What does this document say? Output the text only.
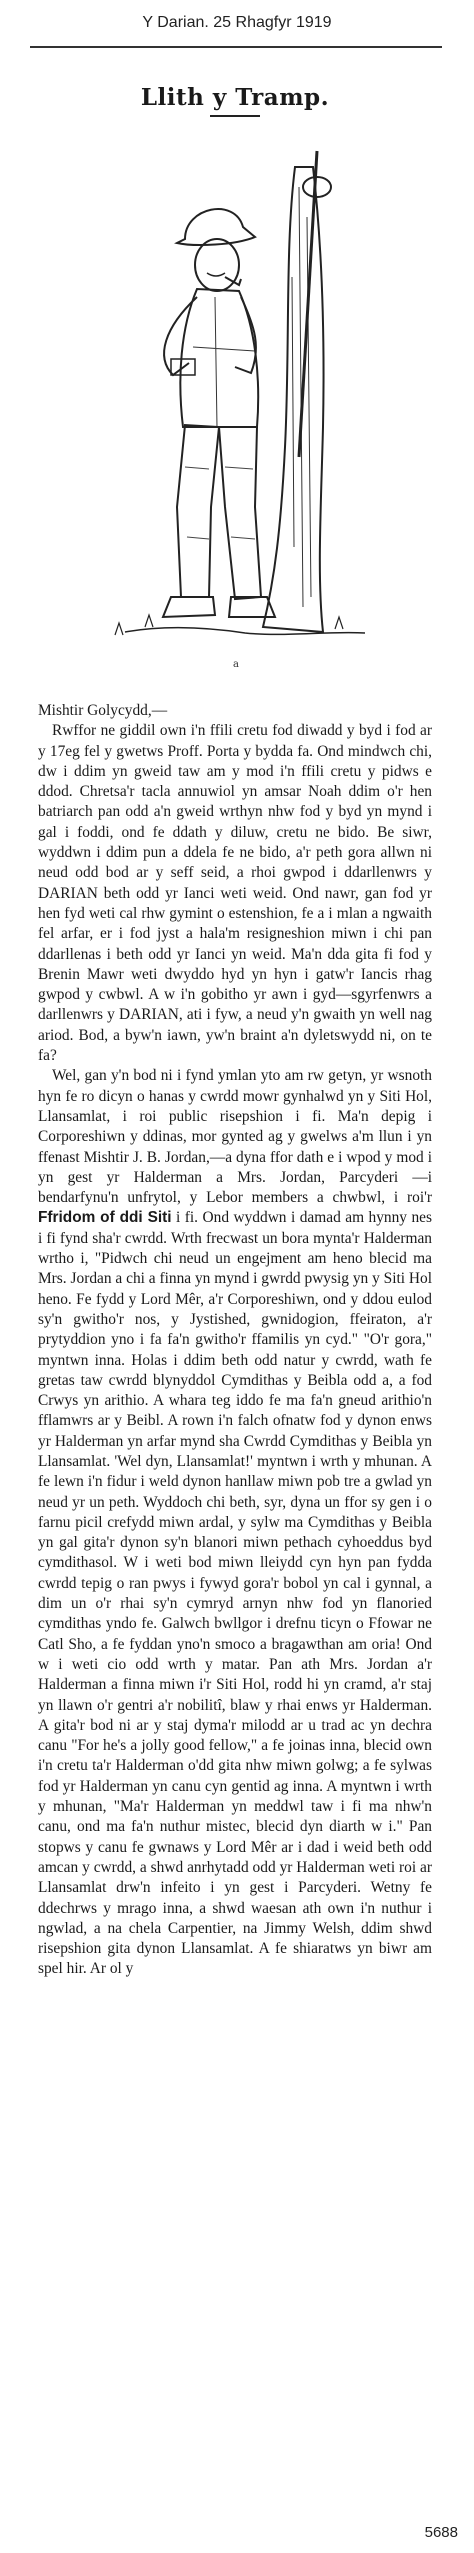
Y Darian. 25 Rhagfyr 1919
Llith y Tramp.
a

Mishtir Golycydd,—

Rwffor ne giddil own i'n ffili cretu fod diwadd y byd i fod ar y 17eg fel y gwetws Proff. Porta y bydda fa. Ond mindwch chi, dw i ddim yn gweid taw am y mod i'n ffili cretu y pidws e ddod. Chretsa'r tacla annuwiol yn amsar Noah ddim o'r hen batriarch pan odd a'n gweid wrthyn nhw fod y byd yn mynd i gal i foddi, ond fe ddath y diluw, cretu ne bido. Be siwr, wyddwn i ddim pun a ddela fe ne bido, a'r peth gora allwn ni neud odd bod ar y seff seid, a rhoi gwpod i ddarllenwrs y DARIAN beth odd yr Ianci weti weid. Ond nawr, gan fod yr hen fyd weti cal rhw gymint o estenshion, fe a i mlan a ngwaith fel arfar, er i fod jyst a hala'm resigneshion miwn i chi pan ddarllenas i beth odd yr Ianci yn weid. Ma'n dda gita fi fod y Brenin Mawr weti dwyddo hyd yn hyn i gatw'r Iancis rhag gwpod y cwbwl. A w i'n gobitho yr awn i gyd—sgyrfenwrs a darllenwrs y DARIAN, ati i fyw, a neud y'n gwaith yn well nag ariod. Bod, a byw'n iawn, yw'n braint a'n dyletswydd ni, on te fa?

Wel, gan y'n bod ni i fynd ymlan yto am rw getyn, yr wsnoth hyn fe ro dicyn o hanas y cwrdd mowr gynhalwd yn y Siti Hol, Llansamlat, i roi public risepshion i fi. Ma'n depig i Corporeshiwn y ddinas, mor gynted ag y gwelws a'm llun i yn ffenast Mishtir J. B. Jordan,—a dyna ffor dath e i wpod y mod i yn gest yr Halderman a Mrs. Jordan, Parcyderi —i bendarfynu'n unfrytol, y Lebor members a chwbwl, i roi'r Ffridom of ddi Siti i fi. Ond wyddwn i damad am hynny nes i fi fynd sha'r cwrdd. Wrth frecwast un bora mynta'r Halderman wrtho i, "Pidwch chi neud un engejment am heno blecid ma Mrs. Jordan a chi a finna yn mynd i gwrdd pwysig yn y Siti Hol heno. Fe fydd y Lord Mêr, a'r Corporeshiwn, ond y ddou eulod sy'n gwitho'r nos, y Jystished, gwnidogion, ffeiraton, a'r prytyddion yno i fa fa'n gwitho'r ffamilis yn cyd." "O'r gora," myntwn inna. Holas i ddim beth odd natur y cwrdd, wath fe gretas taw cwrdd blynyddol Cymdithas y Beibla odd a, a fod Crwys yn arithio. A whara teg iddo fe ma fa'n gneud arithio'n fflamwrs ar y Beibl. A rown i'n falch ofnatw fod y dynon enws yr Halderman yn arfar mynd sha Cwrdd Cymdithas y Beibla yn Llansamlat. 'Wel dyn, Llansamlat!' myntwn i wrth y mhunan. A fe lewn i'n fidur i weld dynon hanllaw miwn pob tre a gwlad yn neud yr un peth. Wyddoch chi beth, syr, dyna un ffor sy gen i o farnu picil crefydd miwn ardal, y sylw ma Cymdithas y Beibla yn gal gita'r dynon sy'n blanori miwn pethach cyhoeddus byd cymdithasol. W i weti bod miwn lleiydd cyn hyn pan fydda cwrdd tepig o ran pwys i fywyd gora'r bobol yn cal i gynnal, a dim un o'r rhai sy'n cymryd arnyn nhw fod yn flanoried cymdithas yndo fe. Galwch bwllgor i drefnu ticyn o Ffowar ne Catl Sho, a fe fyddan yno'n smoco a bragawthan am oria! Ond w i weti cio odd wrth y matar. Pan ath Mrs. Jordan a'r Halderman a finna miwn i'r Siti Hol, rodd hi yn cramd, a'r staj yn llawn o'r gentri a'r nobilitî, blaw y rhai enws yr Halderman. A gita'r bod ni ar y staj dyma'r milodd ar u trad ac yn dechra canu "For he's a jolly good fellow," a fe joinas inna, blecid own i'n cretu ta'r Halderman o'dd gita nhw miwn golwg; a fe sylwas fod yr Halderman yn canu cyn gentid ag inna. A myntwn i wrth y mhunan, "Ma'r Halderman yn meddwl taw i fi ma nhw'n canu, ond ma fa'n nuthur mistec, blecid dyn diarth w i." Pan stopws y canu fe gwnaws y Lord Mêr ar i dad i weid beth odd amcan y cwrdd, a shwd anrhytadd odd yr Halderman weti roi ar Llansamlat drw'n infeito i yn gest i Parcyderi. Wetny fe ddechrws y mrago inna, a shwd waesan ath own i'n nuthur i ngwlad, a na chela Carpentier, na Jimmy Welsh, ddim shwd risepshion gita dynon Llansamlat. A fe shiaratws yn biwr am spel hir. Ar ol y

5688
